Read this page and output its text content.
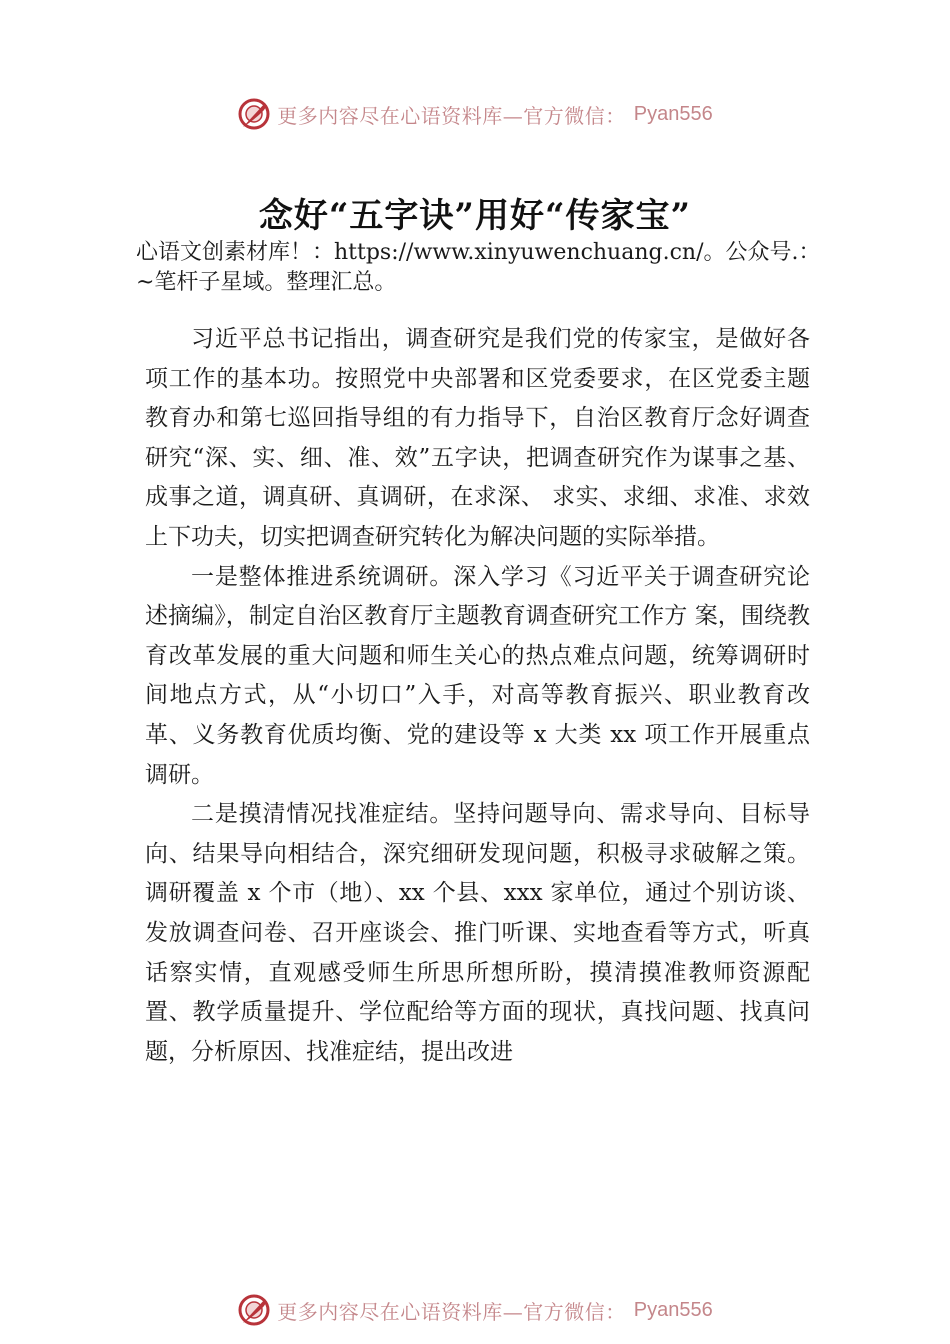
更多内容尽在心语资料库—官方微信： Pyan556
念好“五字诀”用好“传家宝”
心语文创素材库！：https://www.xinyuwenchuang.cn/。公众号.：~笔杆子星域。整理汇总。

习近平总书记指出，调查研究是我们党的传家宝，是做好各项工作的基本功。按照党中央部署和区党委要求，在区党委主题教育办和第七巡回指导组的有力指导下，自治区教育厅念好调查研究“深、实、细、准、效”五字诀，把调查研究作为谋事之基、成事之道，调真研、真调研，在求深、 求实、求细、求准、求效上下功夫，切实把调查研究转化为解决问题的实际举措。

一是整体推进系统调研。深入学习《习近平关于调查研究论述摘编》，制定自治区教育厅主题教育调查研究工作方 案，围绕教育改革发展的重大问题和师生关心的热点难点问题，统筹调研时间地点方式，从“小切口”入手，对高等教育振兴、职业教育改革、义务教育优质均衡、党的建设等 x 大类 xx 项工作开展重点调研。

二是摸清情况找准症结。坚持问题导向、需求导向、目标导向、结果导向相结合，深究细研发现问题，积极寻求破解之策。调研覆盖 x 个市（地）、xx 个县、xxx 家单位，通过个别访谈、发放调查问卷、召开座谈会、推门听课、实地查看等方式，听真话察实情，直观感受师生所思所想所盼，摸清摸准教师资源配置、教学质量提升、学位配给等方面的现状，真找问题、找真问题，分析原因、找准症结，提出改进

更多内容尽在心语资料库—官方微信： Pyan556
